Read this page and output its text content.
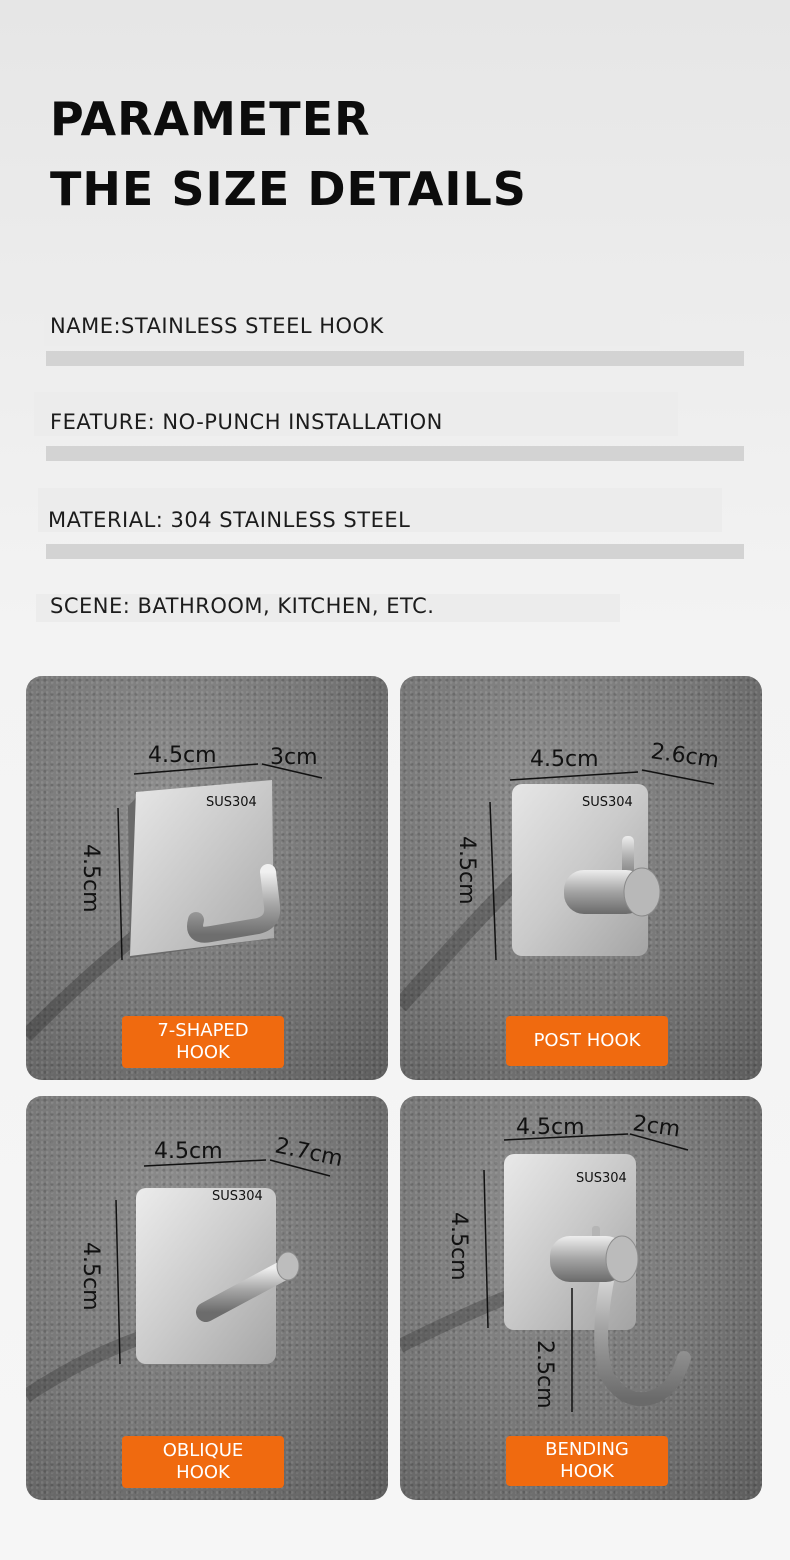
PARAMETER
THE SIZE DETAILS
NAME:STAINLESS STEEL HOOK
FEATURE: NO-PUNCH INSTALLATION
MATERIAL: 304 STAINLESS STEEL
SCENE: BATHROOM, KITCHEN, ETC.
SUS304
4.5cm 3cm
4.5cm
7-SHAPED
HOOK
SUS304
4.5cm 2.6cm
4.5cm
POST HOOK
SUS304
4.5cm 2.7cm
4.5cm
OBLIQUE
HOOK
SUS304
4.5cm 2cm
4.5cm
2.5cm
BENDING
HOOK
